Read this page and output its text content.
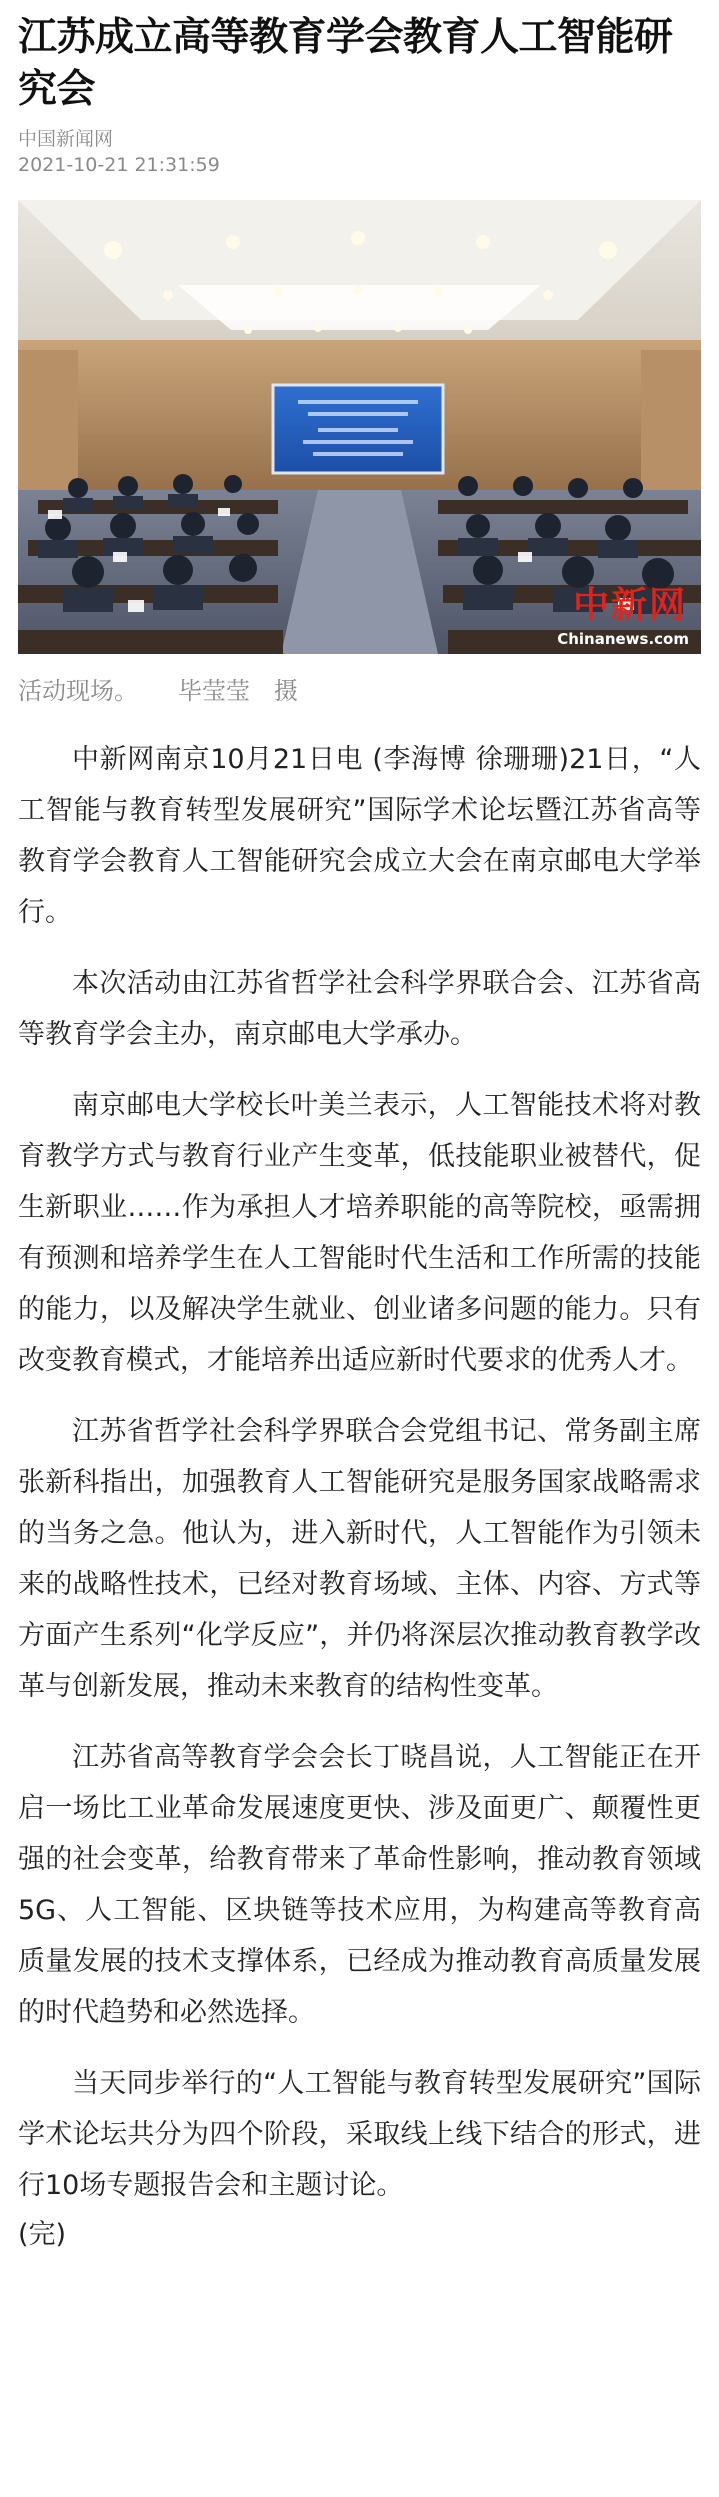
江苏成立高等教育学会教育人工智能研究会
中国新闻网
2021-10-21 21:31:59
中新网
Chinanews.com
活动现场。 毕莹莹　摄

中新网南京10月21日电 (李海博 徐珊珊)21日，“人工智能与教育转型发展研究”国际学术论坛暨江苏省高等教育学会教育人工智能研究会成立大会在南京邮电大学举行。

本次活动由江苏省哲学社会科学界联合会、江苏省高等教育学会主办，南京邮电大学承办。

南京邮电大学校长叶美兰表示，人工智能技术将对教育教学方式与教育行业产生变革，低技能职业被替代，促生新职业……作为承担人才培养职能的高等院校，亟需拥有预测和培养学生在人工智能时代生活和工作所需的技能的能力，以及解决学生就业、创业诸多问题的能力。只有改变教育模式，才能培养出适应新时代要求的优秀人才。

江苏省哲学社会科学界联合会党组书记、常务副主席张新科指出，加强教育人工智能研究是服务国家战略需求的当务之急。他认为，进入新时代，人工智能作为引领未来的战略性技术，已经对教育场域、主体、内容、方式等方面产生系列“化学反应”，并仍将深层次推动教育教学改革与创新发展，推动未来教育的结构性变革。

江苏省高等教育学会会长丁晓昌说，人工智能正在开启一场比工业革命发展速度更快、涉及面更广、颠覆性更强的社会变革，给教育带来了革命性影响，推动教育领域5G、人工智能、区块链等技术应用，为构建高等教育高质量发展的技术支撑体系，已经成为推动教育高质量发展的时代趋势和必然选择。

当天同步举行的“人工智能与教育转型发展研究”国际学术论坛共分为四个阶段，采取线上线下结合的形式，进行10场专题报告会和主题讨论。

(完)
